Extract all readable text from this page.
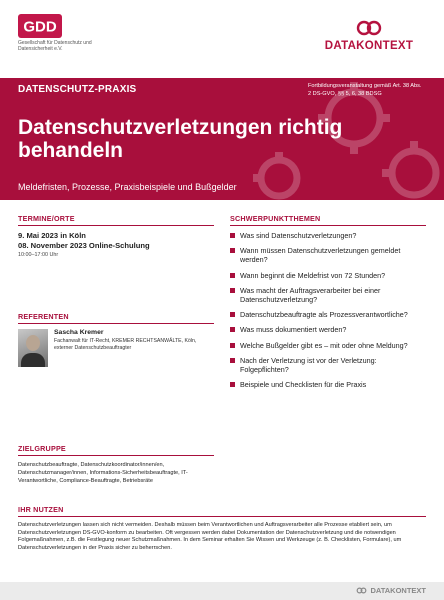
GDD
Gesellschaft für Datenschutz und Datensicherheit e.V.	DATAKONTEXT
DATENSCHUTZ-PRAXIS	Fortbildungsveranstaltung gemäß Art. 38 Abs. 2 DS-GVO, §§ 5, 6, 38 BDSG
Datenschutzverletzungen richtig behandeln
Meldefristen, Prozesse, Praxisbeispiele und Bußgelder
TERMINE/ORTE
9. Mai 2023 in Köln
08. November 2023 Online-Schulung
10:00–17:00 Uhr
REFERENTEN
Sascha Kremer
Fachanwalt für IT-Recht, KREMER RECHTSANWÄLTE, Köln, externer Datenschutzbeauftragter
ZIELGRUPPE
Datenschutzbeauftragte, Datenschutzkoordinator/innen/en, Datenschutzmanager/innen, Informations-Sicherheitsbeauftragte, IT-Verantwortliche, Compliance-Beauftragte, Betriebsräte
SCHWERPUNKTTHEMEN
Was sind Datenschutzverletzungen?
Wann müssen Datenschutzverletzungen gemeldet werden?
Wann beginnt die Meldefrist von 72 Stunden?
Was macht der Auftragsverarbeiter bei einer Datenschutzverletzung?
Datenschutzbeauftragte als Prozessverantwortliche?
Was muss dokumentiert werden?
Welche Bußgelder gibt es – mit oder ohne Meldung?
Nach der Verletzung ist vor der Verletzung: Folgepflichten?
Beispiele und Checklisten für die Praxis
IHR NUTZEN
Datenschutzverletzungen lassen sich nicht vermeiden. Deshalb müssen beim Verantwortlichen und Auftragsverarbeiter alle Prozesse etabliert sein, um Datenschutzverletzungen DS-GVO-konform zu bearbeiten. Oft vergessen werden dabei Dokumentation der Datenschutzverletzung und die notwendigen Folgemaßnahmen, z.B. die Festlegung neuer Schutzmaßnahmen. In dem Seminar erhalten Sie Wissen und Werkzeuge (z. B. Checklisten, Formulare), um Datenschutzverletzungen in der Praxis sicher zu beherrschen.
DATAKONTEXT
